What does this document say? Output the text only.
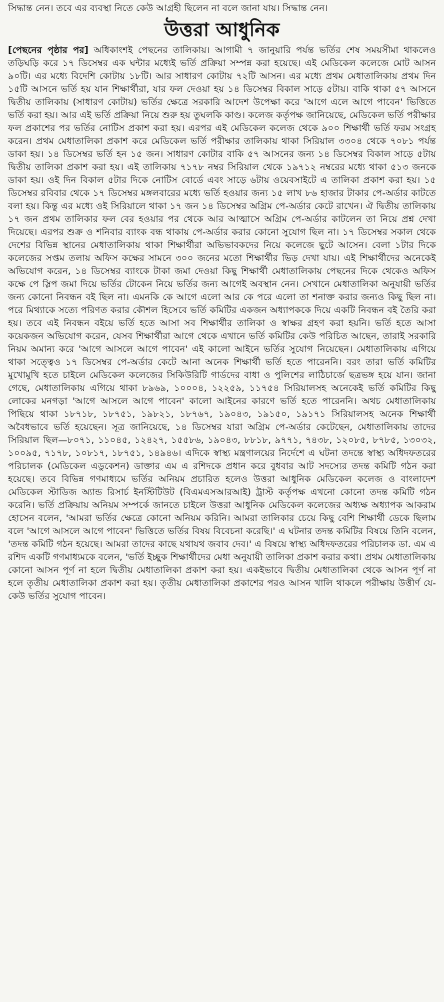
সিদ্ধান্ত নেন। তবে এর ব্যবস্থা নিতে কেউ আগ্রহী ছিলেন না বলে জানা যায়। সিদ্ধান্ত নেন।

উত্তরা আধুনিক

[পেছনের পৃষ্ঠার পর] অধিকাংশই পেছনের তালিকায়। আগামী ৭ জানুয়ারি পর্যন্ত ভর্তির শেষ সময়সীমা থাকলেও তড়িঘড়ি করে ১৭ ডিসেম্বর এক ঘন্টার মধ্যেই ভর্তি প্রক্রিয়া সম্পন্ন করা হয়েছে। এই মেডিকেল কলেজে মোট আসন ৯০টি। এর মধ্যে বিদেশি কোটায় ১৮টি। আর সাধারণ কোটায় ৭২টি আসন। এর মধ্যে প্রথম মেধাতালিকায় প্রথম দিন ১৫টি আসনে ভর্তি হয় যান শিক্ষার্থীরা, যার ফল দেওয়া হয় ১৪ ডিসেম্বর বিকাল সাড়ে ৫টায়। বাকি থাকা ৫৭ আসনে দ্বিতীয় তালিকায় (সাধারণ কোটায়) ভর্তির ক্ষেত্রে সরকারি আদেশ উপেক্ষা করে 'আগে এলে আগে পাবেন' ভিত্তিতে ভর্তি করা হয়। আর এই ভর্তি প্রক্রিয়া নিয়ে শুরু হয় তুঘলকি কাণ্ড। কলেজ কর্তৃপক্ষ জানিয়েছে, মেডিকেল ভর্তি পরীক্ষার ফল প্রকাশের পর ভর্তির নোটিস প্রকাশ করা হয়। এরপর এই মেডিকেল কলেজ থেকে ৯০০ শিক্ষার্থী ভর্তি ফরম সংগ্রহ করেন। প্রথম মেধাতালিকা প্রকাশ করে মেডিকেল ভর্তি পরীক্ষার তালিকায় থাকা সিরিয়াল ৩৩০৪ থেকে ৭০৮১ পর্যন্ত ডাকা হয়। ১৪ ডিসেম্বর ভর্তি হন ১৫ জন। সাধারণ কোটার বাকি ৫৭ আসনের জন্য ১৪ ডিসেম্বর বিকাল সাড়ে ৫টায় দ্বিতীয় তালিকা প্রকাশ করা হয়। এই তালিকায় ৭১৭৮ নম্বর সিরিয়াল থেকে ১৯৭১২ নম্বরের মধ্যে থাকা ৫১৩ জনকে ডাকা হয়। ওই দিন বিকাল ৫টার দিকে নোটিস বোর্ডে এবং সাড়ে ৬টায় ওয়েবসাইটে এ তালিকা প্রকাশ করা হয়। ১৫ ডিসেম্বর রবিবার থেকে ১৭ ডিসেম্বর মঙ্গলবারের মধ্যে ভর্তি হওয়ার জন্য ১৫ লাখ ৮৬ হাজার টাকার পে-অর্ডার কাটতে বলা হয়। কিন্তু এর মধ্যে ওই সিরিয়ালে থাকা ১৭ জন ১৪ ডিসেম্বর অগ্রিম পে-অর্ডার কেটে রাখেন। ঐ দ্বিতীয় তালিকায় ১৭ জন প্রথম তালিকার ফল বের হওয়ার পর থেকে আর আত্মাসে অগ্রিম পে-অর্ডার কাটলেন তা নিয়ে প্রশ্ন দেখা দিয়েছে। এরপর শুক্র ও শনিবার ব্যাংক বন্ধ থাকায় পে-অর্ডার করার কোনো সুযোগ ছিল না। ১৭ ডিসেম্বর সকাল থেকে দেশের বিভিন্ন স্থানের মেধাতালিকায় থাকা শিক্ষার্থীরা অভিভাবকদের নিয়ে কলেজে ছুটে আসেন। বেলা ১টার দিকে কলেজের সপ্তম তলায় অফিস কক্ষের সামনে ৩০০ জনের মতো শিক্ষার্থীর ভিড় দেখা যায়। এই শিক্ষার্থীদের অনেকেই অভিযোগ করেন, ১৪ ডিসেম্বর ব্যাংকে টাকা জমা দেওয়া কিছু শিক্ষার্থী মেধাতালিকায় পেছনের দিকে থেকেও অফিস কক্ষে পে স্লিপ জমা দিয়ে ভর্তির টোকেন নিয়ে ভর্তির জন্য আগেই অবস্থান নেন। সেখানে মেধাতালিকা অনুযায়ী ভর্তির জন্য কোনো নিবন্ধন বই ছিল না। এমনকি কে আগে এলো আর কে পরে এলো তা শনাক্ত করার জন্যও কিছু ছিল না। পরে মিথ্যাকে সত্যে পরিণত করার কৌশল হিসেবে ভর্তি কমিটির একজন অধ্যাপককে দিয়ে একটি নিবন্ধন বই তৈরি করা হয়। তবে এই নিবন্ধন বইয়ে ভর্তি হতে আসা সব শিক্ষার্থীর তালিকা ও স্বাক্ষর গ্রহণ করা হয়নি। ভর্তি হতে আসা কয়েকজন অভিযোগ করেন, যেসব শিক্ষার্থীরা আগে থেকে এখানে ভর্তি কমিটির কেউ পরিচিত আছেন, তারাই সরকারি নিয়ম অমান্য করে 'আগে আসলে আগে পাবেন' এই কালো আইনে ভর্তির সুযোগ নিয়েছেন। মেধাতালিকায় এগিয়ে থাকা সত্ত্বেও ১৭ ডিসেম্বর পে-অর্ডার কেটে আনা অনেক শিক্ষার্থী ভর্তি হতে পারেননি। বরং তারা ভর্তি কমিটির মুখোমুখি হতে চাইলে মেডিকেল কলেজের সিকিউরিটি গার্ডদের বাধা ও পুলিশের লাঠিচার্জে ছত্রভঙ্গ হয়ে যান। জানা গেছে, মেধাতালিকায় এগিয়ে থাকা ৮৯৬৯, ১০০০৪, ১২২৫৯, ১১৭৫৪ সিরিয়ালসহ অনেকেই ভর্তি কমিটির কিছু লোকের মনগড়া 'আগে আসলে আগে পাবেন' কালো আইনের কারণে ভর্তি হতে পারেননি। অথচ মেধাতালিকায় পিছিয়ে থাকা ১৮৭১৮, ১৮৭৫১, ১৯৮২১, ১৮৭৬৭, ১৯০৪৩, ১৯১৫০, ১৯১৭১ সিরিয়ালসহ অনেক শিক্ষার্থী অবৈধভাবে ভর্তি হয়েছেন। সূত্র জানিয়েছে, ১৪ ডিসেম্বর যারা অগ্রিম পে-অর্ডার কেটেছেন, মেধাতালিকায় তাদের সিরিয়াল ছিল—৮০৭১, ১১০৪৫, ১২৪২৭, ১৫৫৮৬, ১৯০৪৩, ৮৮১৮, ৯৭৭১, ৭৪৩৮, ১২০৮৫, ৮৭৮৫, ১৩০৩২, ১০০৯৫, ৭১৭৮, ১০৮১৭, ১৮৭৫১, ১৪৯৪৬। এদিকে স্বাস্থ্য মন্ত্রণালয়ের নির্দেশে এ ঘটনা তদন্তে স্বাস্থ্য অধিদফতরের পরিচালক (মেডিকেল এডুকেশন) ডাক্তার এম এ রশিদকে প্রধান করে বুধবার আট সদস্যের তদন্ত কমিটি গঠন করা হয়েছে। তবে বিভিন্ন গণমাধ্যমে ভর্তির অনিয়ম প্রচারিত হলেও উত্তরা আধুনিক মেডিকেল কলেজ ও বাংলাদেশ মেডিকেল স্টাডিজ অ্যান্ড রিসার্চ ইনস্টিটিউট (বিএমএসআরআই) ট্রাস্ট কর্তৃপক্ষ এখনো কোনো তদন্ত কমিটি গঠন করেনি। ভর্তি প্রক্রিয়ায় অনিয়ম সম্পর্কে জানতে চাইলে উত্তরা আধুনিক মেডিকেল কলেজের অধ্যক্ষ অধ্যাপক আকরাম হোসেন বলেন, 'আমরা ভর্তির ক্ষেত্রে কোনো অনিয়ম করিনি। আমরা তালিকার চেয়ে কিছু বেশি শিক্ষার্থী ডেকে ছিলাম বলে 'আগে আসলে আগে পাবেন' ভিত্তিতে ভর্তির বিষয় বিবেচনা করেছি।' এ ঘটনার তদন্ত কমিটির বিষয়ে তিনি বলেন, 'তদন্ত কমিটি গঠন হয়েছে। আমরা তাদের কাছে যথাযথ জবাব দেব।' এ বিষয়ে স্বাস্থ্য অধিদফতরের পরিচালক ডা. এম এ রশিদ একটি গণমাধ্যমকে বলেন, 'ভর্তি ইচ্ছুক শিক্ষার্থীদের মেধা অনুযায়ী তালিকা প্রকাশ করার কথা। প্রথম মেধাতালিকায় কোনো আসন পূর্ণ না হলে দ্বিতীয় মেধাতালিকা প্রকাশ করা হয়। একইভাবে দ্বিতীয় মেধাতালিকা থেকে আসন পূর্ণ না হলে তৃতীয় মেধাতালিকা প্রকাশ করা হয়। তৃতীয় মেধাতালিকা প্রকাশের পরও আসন খালি থাকলে পরীক্ষায় উত্তীর্ণ যে-কেউ ভর্তির সুযোগ পাবেন।
